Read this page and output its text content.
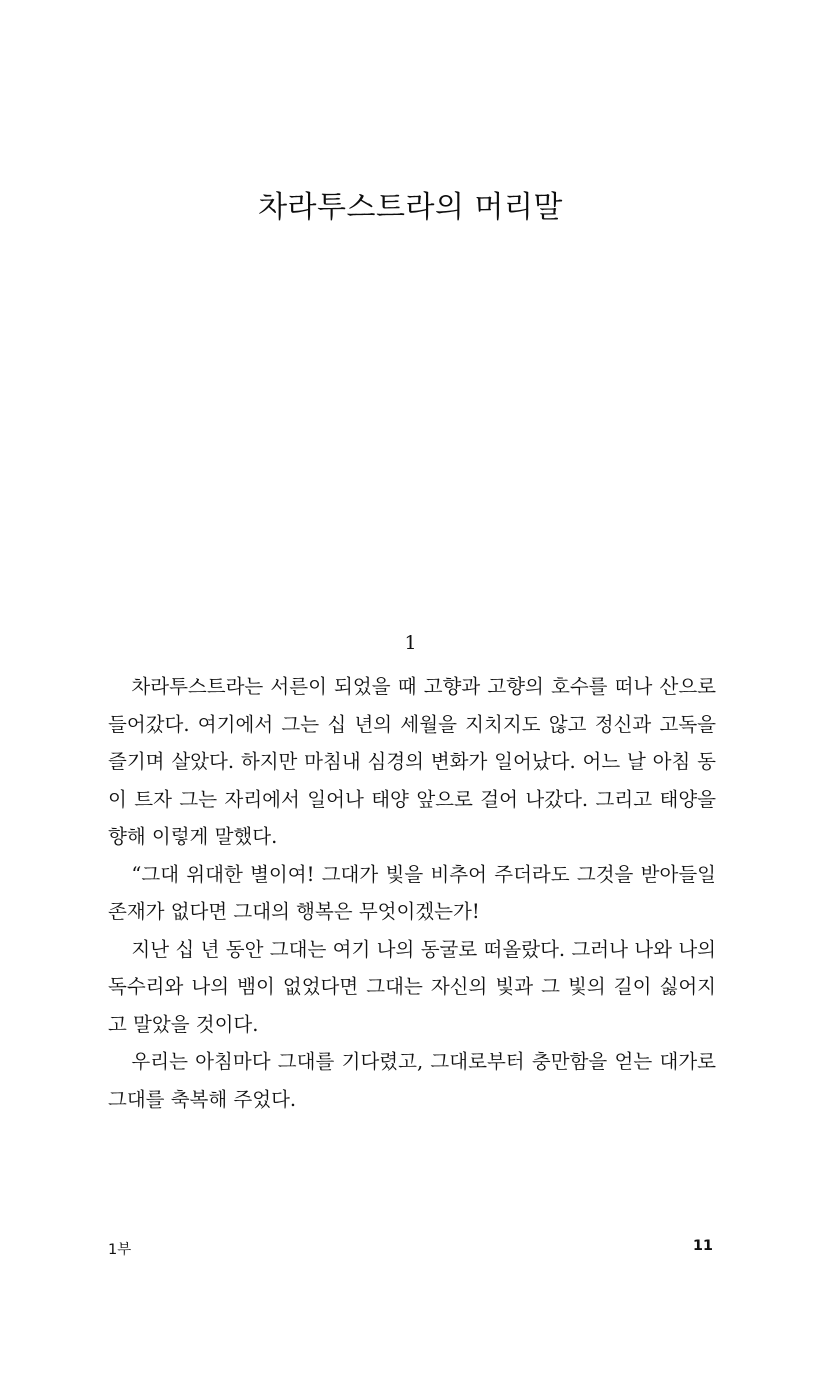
차라투스트라의 머리말
1

차라투스트라는 서른이 되었을 때 고향과 고향의 호수를 떠나 산으로 들어갔다. 여기에서 그는 십 년의 세월을 지치지도 않고 정신과 고독을 즐기며 살았다. 하지만 마침내 심경의 변화가 일어났다. 어느 날 아침 동이 트자 그는 자리에서 일어나 태양 앞으로 걸어 나갔다. 그리고 태양을 향해 이렇게 말했다.

“그대 위대한 별이여! 그대가 빛을 비추어 주더라도 그것을 받아들일 존재가 없다면 그대의 행복은 무엇이겠는가!

지난 십 년 동안 그대는 여기 나의 동굴로 떠올랐다. 그러나 나와 나의 독수리와 나의 뱀이 없었다면 그대는 자신의 빛과 그 빛의 길이 싫어지고 말았을 것이다.

우리는 아침마다 그대를 기다렸고, 그대로부터 충만함을 얻는 대가로 그대를 축복해 주었다.

1부	11
